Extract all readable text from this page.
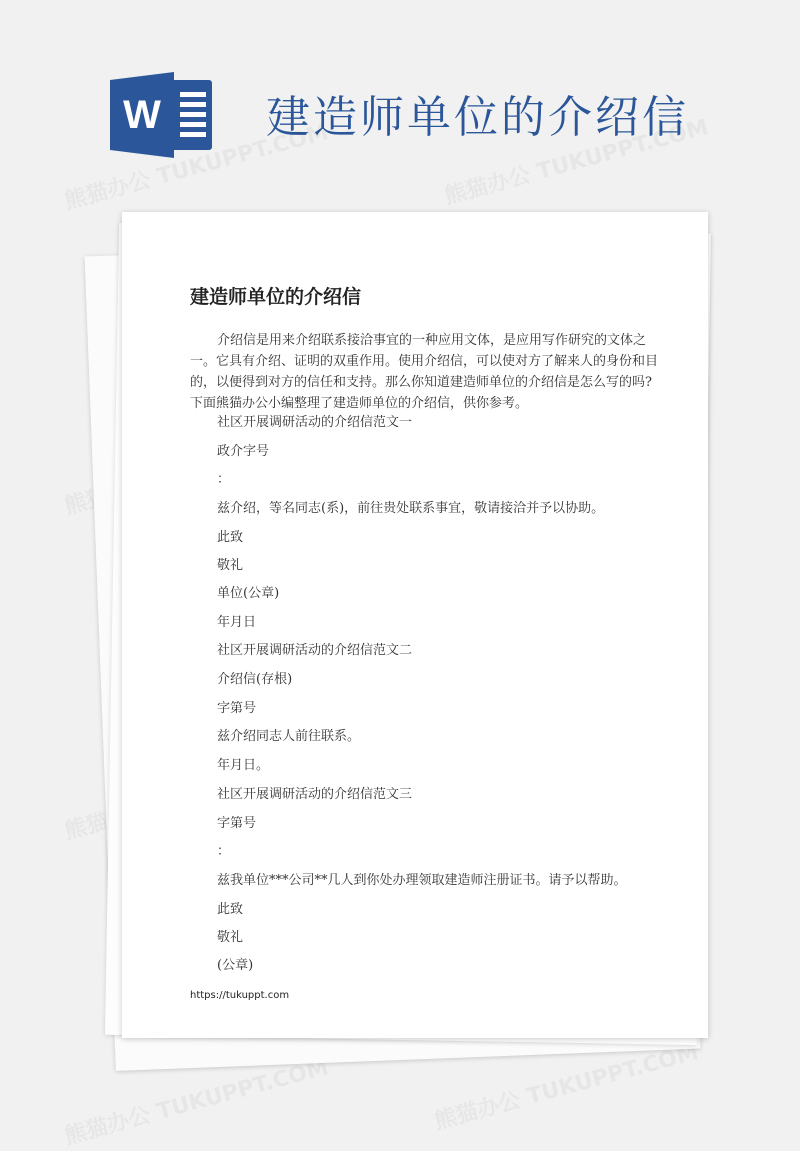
W 建造师单位的介绍信
建造师单位的介绍信

介绍信是用来介绍联系接洽事宜的一种应用文体，是应用写作研究的文体之一。它具有介绍、证明的双重作用。使用介绍信，可以使对方了解来人的身份和目的，以便得到对方的信任和支持。那么你知道建造师单位的介绍信是怎么写的吗?下面熊猫办公小编整理了建造师单位的介绍信，供你参考。

社区开展调研活动的介绍信范文一

政介字号

：

兹介绍，等名同志(系)，前往贵处联系事宜，敬请接洽并予以协助。

此致

敬礼

单位(公章)

年月日

社区开展调研活动的介绍信范文二

介绍信(存根)

字第号

兹介绍同志人前往联系。

年月日。

社区开展调研活动的介绍信范文三

字第号

：

兹我单位***公司**几人到你处办理领取建造师注册证书。请予以帮助。

此致

敬礼

(公章)

https://tukuppt.com
